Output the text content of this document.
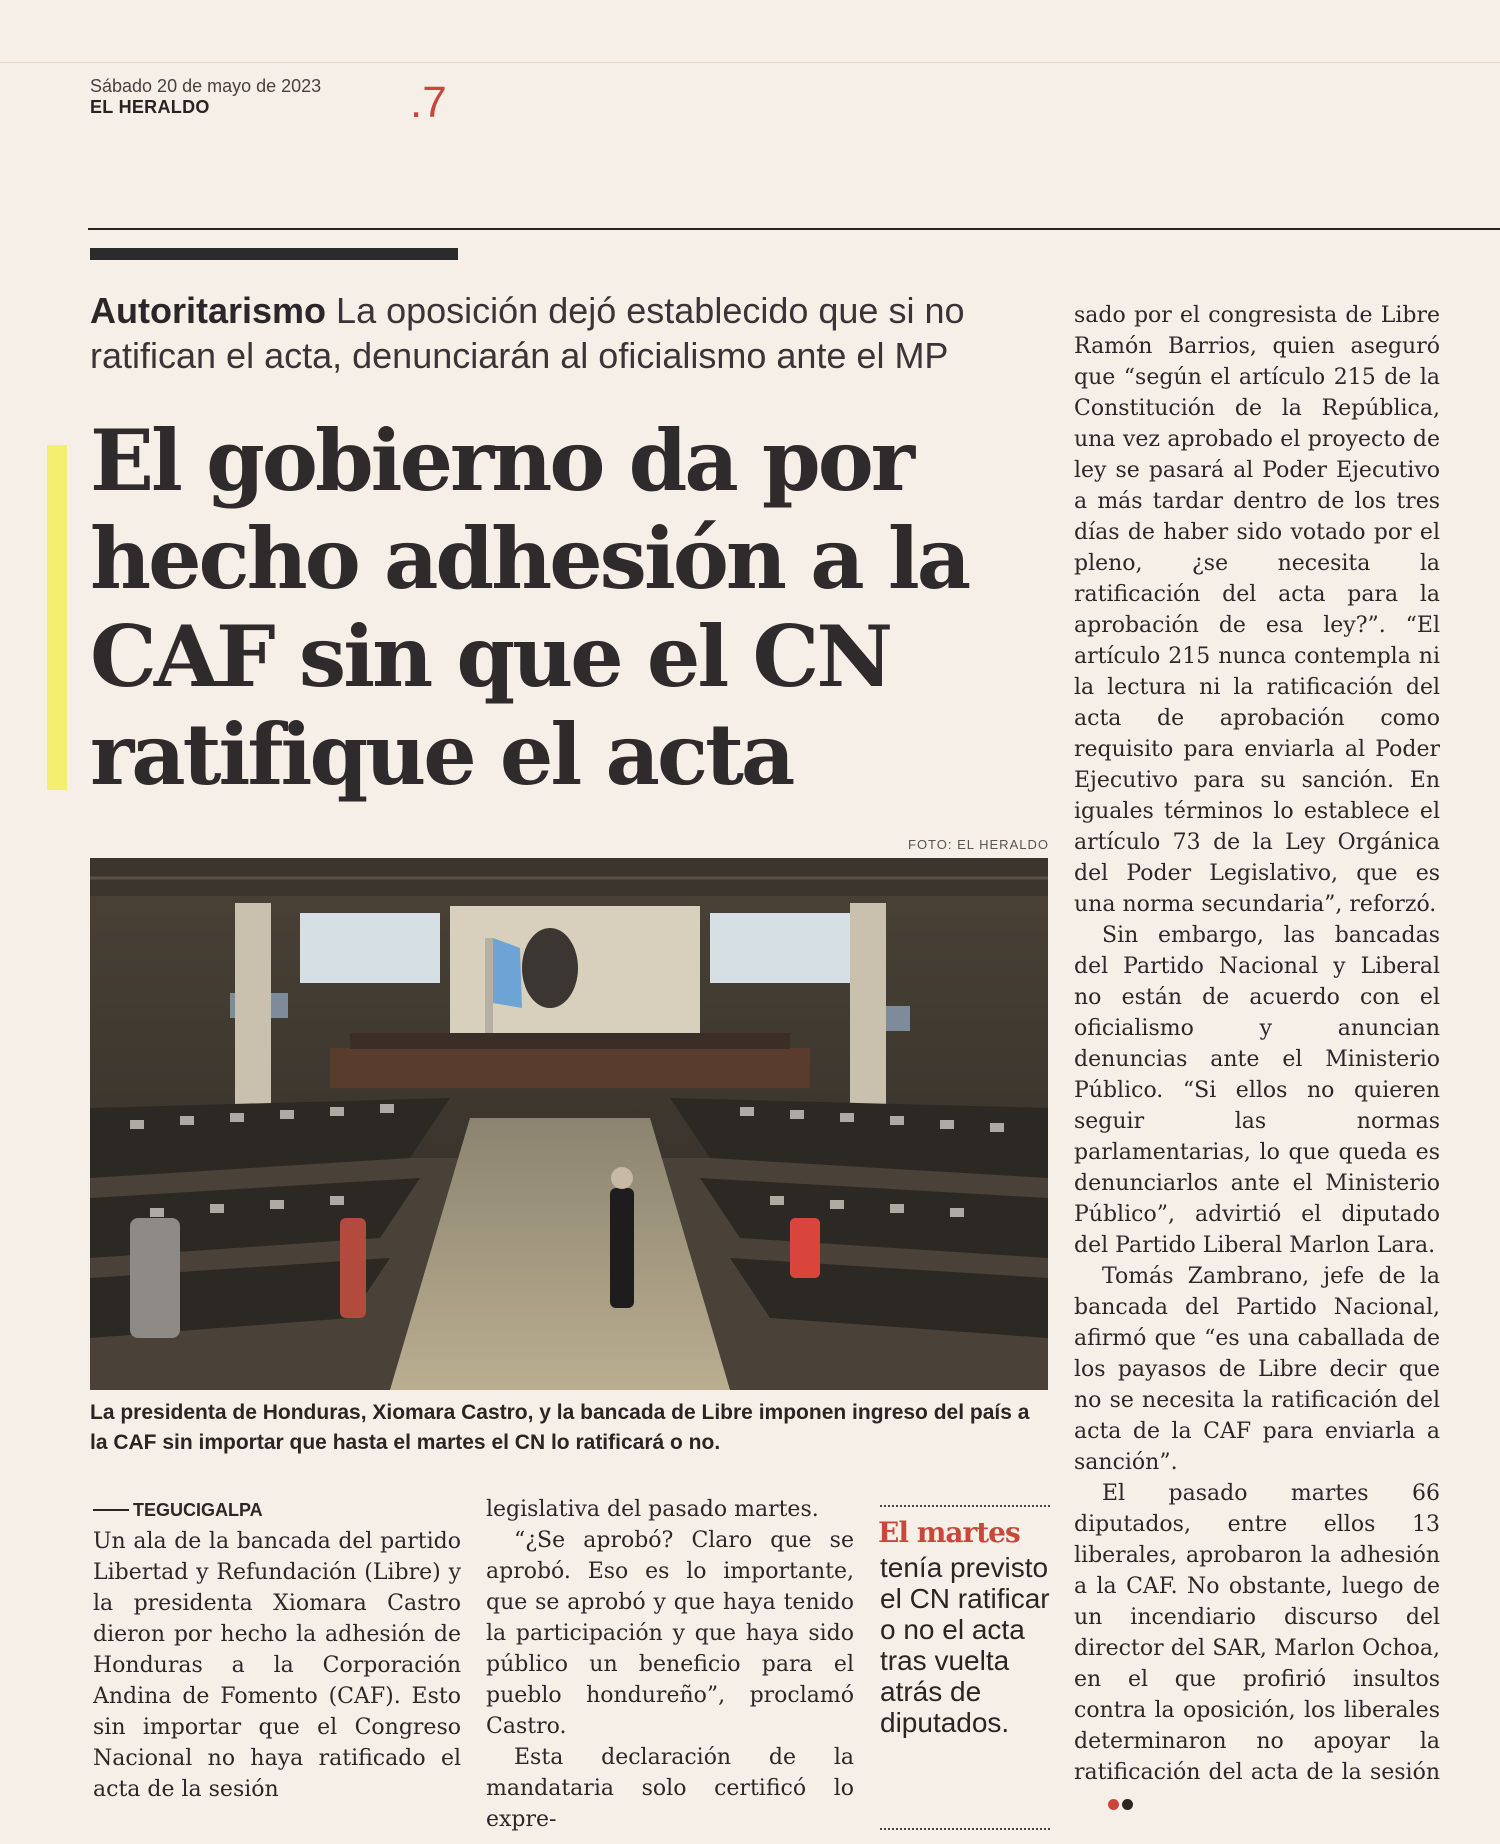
Sábado 20 de mayo de 2023
EL HERALDO	.7
Autoritarismo La oposición dejó establecido que si no ratifican el acta, denunciarán al oficialismo ante el MP
El gobierno da por hecho adhesión a la CAF sin que el CN ratifique el acta
FOTO: EL HERALDO
La presidenta de Honduras, Xiomara Castro, y la bancada de Libre imponen ingreso del país a la CAF sin importar que hasta el martes el CN lo ratificará o no.

TEGUCIGALPA

Un ala de la bancada del partido Libertad y Refundación (Libre) y la presidenta Xiomara Castro dieron por hecho la adhesión de Honduras a la Corporación Andina de Fomento (CAF). Esto sin importar que el Congreso Nacional no haya ratificado el acta de la sesión

legislativa del pasado martes.

“¿Se aprobó? Claro que se aprobó. Eso es lo importante, que se aprobó y que haya tenido la participación y que haya sido público un beneficio para el pueblo hondureño”, proclamó Castro.

Esta declaración de la mandataria solo certificó lo expre-

El martes
tenía previsto el CN ratificar o no el acta tras vuelta atrás de diputados.

sado por el congresista de Libre Ramón Barrios, quien aseguró que “según el artículo 215 de la Constitución de la República, una vez aprobado el proyecto de ley se pasará al Poder Ejecutivo a más tardar dentro de los tres días de haber sido votado por el pleno, ¿se necesita la ratificación del acta para la aprobación de esa ley?”. “El artículo 215 nunca contempla ni la lectura ni la ratificación del acta de aprobación como requisito para enviarla al Poder Ejecutivo para su sanción. En iguales términos lo establece el artículo 73 de la Ley Orgánica del Poder Legislativo, que es una norma secundaria”, reforzó.

Sin embargo, las bancadas del Partido Nacional y Liberal no están de acuerdo con el oficialismo y anuncian denuncias ante el Ministerio Público. “Si ellos no quieren seguir las normas parlamentarias, lo que queda es denunciarlos ante el Ministerio Público”, advirtió el diputado del Partido Liberal Marlon Lara.

Tomás Zambrano, jefe de la bancada del Partido Nacional, afirmó que “es una caballada de los payasos de Libre decir que no se necesita la ratificación del acta de la CAF para enviarla a sanción”.

El pasado martes 66 diputados, entre ellos 13 liberales, aprobaron la adhesión a la CAF. No obstante, luego de un incendiario discurso del director del SAR, Marlon Ochoa, en el que profirió insultos contra la oposición, los liberales determinaron no apoyar la ratificación del acta de la sesión
